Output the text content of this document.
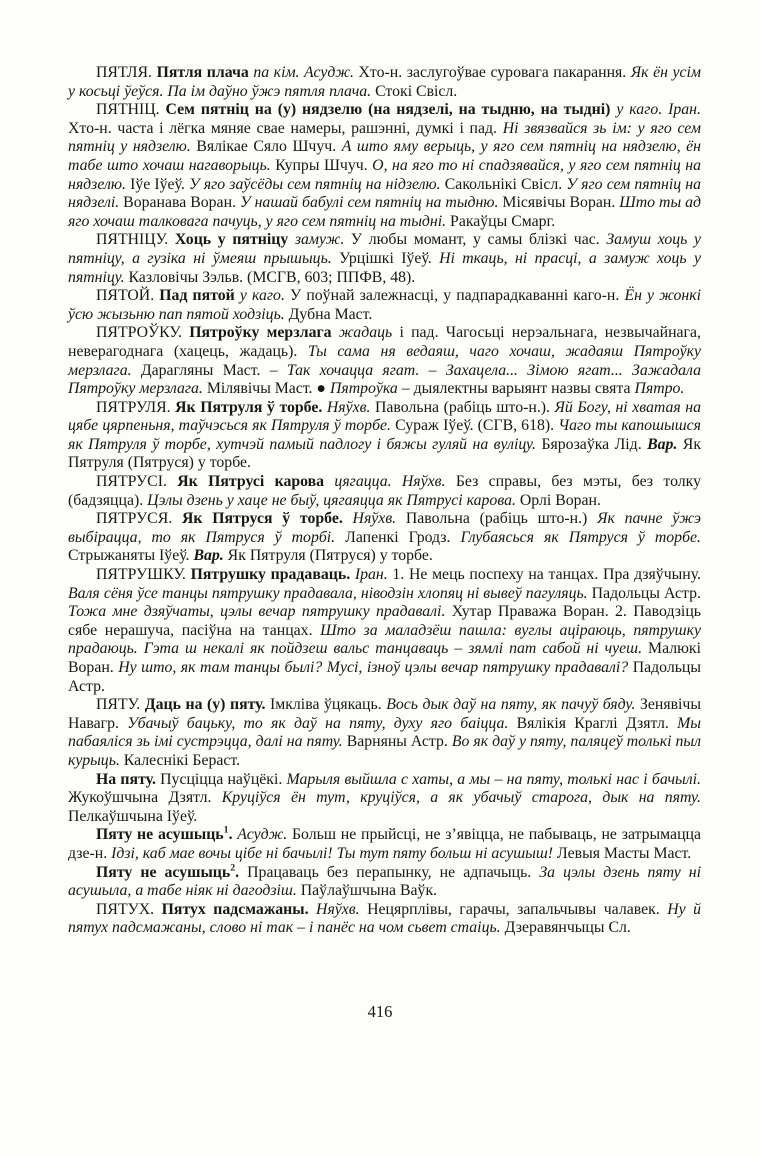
ПЯТЛЯ. Пятля плача па кім. Асудж. Хто-н. заслугоўвае суровага пакарання. Як ён усім у косьці ўеўся. Па ім даўно ўжэ пятля плача. Стокі Свісл.

ПЯТНІЦ. Сем пятніц на (у) нядзелю (на нядзелі, на тыдню, на тыдні) у каго. Іран. Хто-н. часта і лёгка мяняе свае намеры, рашэнні, думкі і пад. Ні звязвайся зь ім: у яго сем пятніц у нядзелю. Вялікае Сяло Шчуч. А што яму верыць, у яго сем пятніц на нядзелю, ён табе што хочаш нагаворыць. Купры Шчуч. О, на яго то ні спадзявайся, у яго сем пятніц на нядзелю. Іўе Іўеў. У яго заўсёды сем пятніц на нідзелю. Сакольнікі Свісл. У яго сем пятніц на нядзелі. Воранава Воран. У нашай бабулі сем пятніц на тыдню. Місявічы Воран. Што ты ад яго хочаш талковага пачуць, у яго сем пятніц на тыдні. Ракаўцы Смарг.

ПЯТНІЦУ. Хоць у пятніцу замуж. У любы момант, у самы блізкі час. Замуш хоць у пятніцу, а гузіка ні ўмеяш прышыць. Урцішкі Іўеў. Ні ткаць, ні прасці, а замуж хоць у пятніцу. Казловічы Зэльв. (МСГВ, 603; ППФВ, 48).

ПЯТОЙ. Пад пятой у каго. У поўнай залежнасці, у падпарадкаванні каго-н. Ён у жонкі ўсю жызьню пап пятой ходзіць. Дубна Маст.

ПЯТРОЎКУ. Пятроўку мерзлага жадаць і пад. Чагосьці нерэальнага, незвычайнага, неверагоднага (хацець, жадаць). Ты сама ня ведаяш, чаго хочаш, жадаяш Пятроўку мерзлага. Дарагляны Маст. – Так хочацца ягат. – Захацела... Зімою ягат... Зажадала Пятроўку мерзлага. Мілявічы Маст. ● Пятроўка – дыялектны варыянт назвы свята Пятро.

ПЯТРУЛЯ. Як Пятруля ў торбе. Няўхв. Павольна (рабіць што-н.). Яй Богу, ні хватая на цябе цярпеньня, таўчэсься як Пятруля ў торбе. Сураж Іўеў. (СГВ, 618). Чаго ты капошышся як Пятруля ў торбе, хутчэй памый падлогу і бяжы гуляй на вуліцу. Бярозаўка Лід. Вар. Як Пятруля (Пятруся) у торбе.

ПЯТРУСІ. Як Пятрусі карова цягацца. Няўхв. Без справы, без мэты, без толку (бадзяцца). Цэлы дзень у хаце не быў, цягаяцца як Пятрусі карова. Орлі Воран.

ПЯТРУСЯ. Як Пятруся ў торбе. Няўхв. Павольна (рабіць што-н.) Як пачне ўжэ выбірацца, то як Пятруся ў торбі. Лапенкі Гродз. Глубаясься як Пятруся ў торбе. Стрыжаняты Іўеў. Вар. Як Пятруля (Пятруся) у торбе.

ПЯТРУШКУ. Пятрушку прадаваць. Іран. 1. Не мець поспеху на танцах. Пра дзяўчыну. Валя сёня ўсе танцы пятрушку прадавала, ніводзін хлопяц ні вывеў пагуляць. Падольцы Астр. Тожа мне дзяўчаты, цэлы вечар пятрушку прадавалі. Хутар Праважа Воран. 2. Паводзіць сябе нерашуча, пасіўна на танцах. Што за маладзёш пашла: вуглы аціраюць, пятрушку прадаюць. Гэта ш некалі як пойдзеш вальс танцаваць – зямлі пат сабой ні чуеш. Малюкі Воран. Ну што, як там танцы былі? Мусі, ізноў цэлы вечар пятрушку прадавалі? Падольцы Астр.

ПЯТУ. Даць на (у) пяту. Імкліва ўцякаць. Вось дык даў на пяту, як пачуў бяду. Зенявічы Навагр. Убачыў бацьку, то як даў на пяту, духу яго баіцца. Вялікія Краглі Дзятл. Мы пабаяліся зь імі сустрэцца, далі на пяту. Варняны Астр. Во як даў у пяту, паляцеў толькі пыл курыць. Калеснікі Бераст.

На пяту. Пусціцца наўцёкі. Марыля выйшла с хаты, а мы – на пяту, толькі нас і бачылі. Жукоўшчына Дзятл. Круціўся ён тут, круціўся, а як убачыў старога, дык на пяту. Пелкаўшчына Іўеў.

Пяту не асушыць$^1$. Асудж. Больш не прыйсці, не з’явіцца, не пабываць, не затрымацца дзе-н. Ідзі, каб мае вочы цібе ні бачылі! Ты тут пяту больш ні асушыш! Левыя Масты Маст.

Пяту не асушыць$^2$. Працаваць без перапынку, не адпачыць. За цэлы дзень пяту ні асушыла, а табе ніяк ні дагодзіш. Паўлаўшчына Ваўк.

ПЯТУХ. Пятух падсмажаны. Няўхв. Нецярплівы, гарачы, запальчывы чалавек. Ну й пятух падсмажаны, слово ні так – і панёс на чом сьвет стаіць. Дзеравянчыцы Сл.

416
